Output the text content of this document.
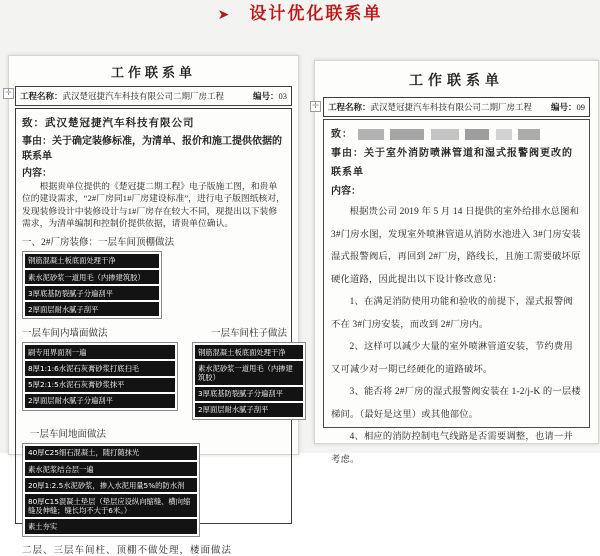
➤ 设计优化联系单
✛
工作联系单
工程名称：武汉楚冠捷汽车科技有限公司二期厂房工程	编号：03
致：武汉楚冠捷汽车科技有限公司
事由：关于确定装修标准，为清单、报价和施工提供依据的联系单
内容：
根据贵单位提供的《楚冠捷二期工程》电子版施工图，和贵单位的建设需求，“2#厂房同1#厂房建设标准”，进行电子版图纸核对，发现装修设计中装修设计与1#厂房存在较大不同，现提出以下装修需求，为清单编制和控制价提供依据，请贵单位确认。
一、2#厂房装修：一层车间顶棚做法
钢筋混凝土板底面处理干净
素水泥砂浆一道甩毛（内掺建筑胶）
3厚底基防裂腻子分遍刮平
2厚面层耐水腻子刮平
一层车间内墙面做法
刷专用界面剂一遍
8厚1:1:6水泥石灰膏砂浆打底扫毛
5厚2:1:5水泥石灰膏砂浆抹平
2厚面层耐水腻子分遍刮平
一层车间柱子做法
钢筋混凝土板底面处理干净
素水泥砂浆一道甩毛（内掺建筑胶）
3厚底基防裂腻子分遍刮平
2厚面层耐水腻子刮平
一层车间地面做法
40厚C25细石混凝土，随打随抹光
素水泥浆结合层一遍
20厚1:2.5水泥砂浆，掺入水泥用量5%的防水剂
80厚C15混凝土垫层（垫层应设纵向缩缝、横向缩缝及伸缝；缝长均不大于6米。）
素土夯实
二层、三层车间柱、顶棚不做处理，楼面做法
✛
工作联系单
工程名称：武汉楚冠捷汽车科技有限公司二期厂房工程 编号：09
致：
事由：关于室外消防喷淋管道和湿式报警阀更改的联系单
内容：
根据贵公司 2019 年 5 月 14 日提供的室外给排水总图和 3#门房水图，发现室外喷淋管道从消防水池进入 3#门房安装湿式报警阀后，再回到 2#厂房，路线长，且施工需要破坏原硬化道路，因此提出以下设计修改意见：
1、在满足消防使用功能和验收的前提下，湿式报警阀不在 3#门房安装，而改到 2#厂房内。
2、这样可以减少大量的室外喷淋管道安装，节约费用又可减少对一期已经硬化的道路破坏。
3、能否将 2#厂房的湿式报警阀安装在 1-2/j-K 的一层楼梯间。（最好是这里）或其他部位。
4、相应的消防控制电气线路是否需要调整，也请一并考虑。
